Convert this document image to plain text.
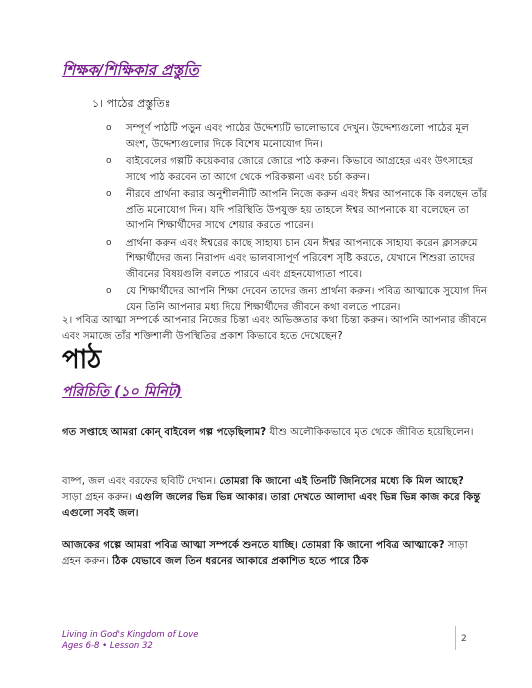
শিক্ষক/শিক্ষিকার প্রস্তুতি
১। পাঠের প্রস্তুতিঃ
o সম্পূর্ণ পাঠটি পড়ুন এবং পাঠের উদ্দেশ্যটি ভালোভাবে দেখুন। উদ্দেশ্যগুলো পাঠের মূল অংশ, উদ্দেশ্যগুলোর দিকে বিশেষ মনোযোগ দিন।
o বাইবেলের গল্পটি কয়েকবার জোরে জোরে পাঠ করুন। কিভাবে আগ্রহের এবং উৎসাহের সাথে পাঠ করবেন তা আগে থেকে পরিকল্পনা এবং চর্চা করুন।
o নীরবে প্রার্থনা করার অনুশীলনীটি আপনি নিজে করুন এবং ঈশ্বর আপনাকে কি বলছেন তাঁর প্রতি মনোযোগ দিন। যদি পরিস্থিতি উপযুক্ত হয় তাহলে ঈশ্বর আপনাকে যা বলেছেন তা আপনি শিক্ষার্থীদের সাথে শেয়ার করতে পারেন।
o প্রার্থনা করুন এবং ঈশ্বরের কাছে সাহায্য চান যেন ঈশ্বর আপনাকে সাহায্য করেন ক্লাসরুমে শিক্ষার্থীদের জন্য নিরাপদ এবং ভালবাসাপূর্ণ পরিবেশ সৃষ্টি করতে, যেখানে শিশুরা তাদের জীবনের বিষয়গুলি বলতে পারবে এবং গ্রহনযোগ্যতা পাবে।
o যে শিক্ষার্থীদের আপনি শিক্ষা দেবেন তাদের জন্য প্রার্থনা করুন। পবিত্র আত্মাকে সুযোগ দিন যেন তিনি আপনার মধ্য দিয়ে শিক্ষার্থীদের জীবনে কথা বলতে পারেন।
২। পবিত্র আত্মা সম্পর্কে আপনার নিজের চিন্তা এবং অভিজ্ঞতার কথা চিন্তা করুন। আপনি আপনার জীবনে এবং সমাজে তাঁর শক্তিশালী উপস্থিতির প্রকাশ কিভাবে হতে দেখেছেন?
পাঠ
পরিচিতি (১০ মিনিট)
গত সপ্তাহে আমরা কোন্‌ বাইবেল গল্প পড়েছিলাম? যীশু অলৌকিকভাবে মৃত থেকে জীবিত হয়েছিলেন।
বাষ্প, জল এবং বরফের ছবিটি দেখান। তোমরা কি জানো এই তিনটি জিনিসের মধ্যে কি মিল আছে? সাড়া গ্রহন করুন। এগুলি জলের ভিন্ন ভিন্ন আকার। তারা দেখতে আলাদা এবং ভিন্ন ভিন্ন কাজ করে কিন্তু এগুলো সবই জল।
আজকের গল্পে আমরা পবিত্র আত্মা সম্পর্কে শুনতে যাচ্ছি। তোমরা কি জানো পবিত্র আত্মাকে? সাড়া গ্রহন করুন। ঠিক যেভাবে জল তিন ধরনের আকারে প্রকাশিত হতে পারে ঠিক
Living in God's Kingdom of Love
Ages 6-8 • Lesson 32
2
